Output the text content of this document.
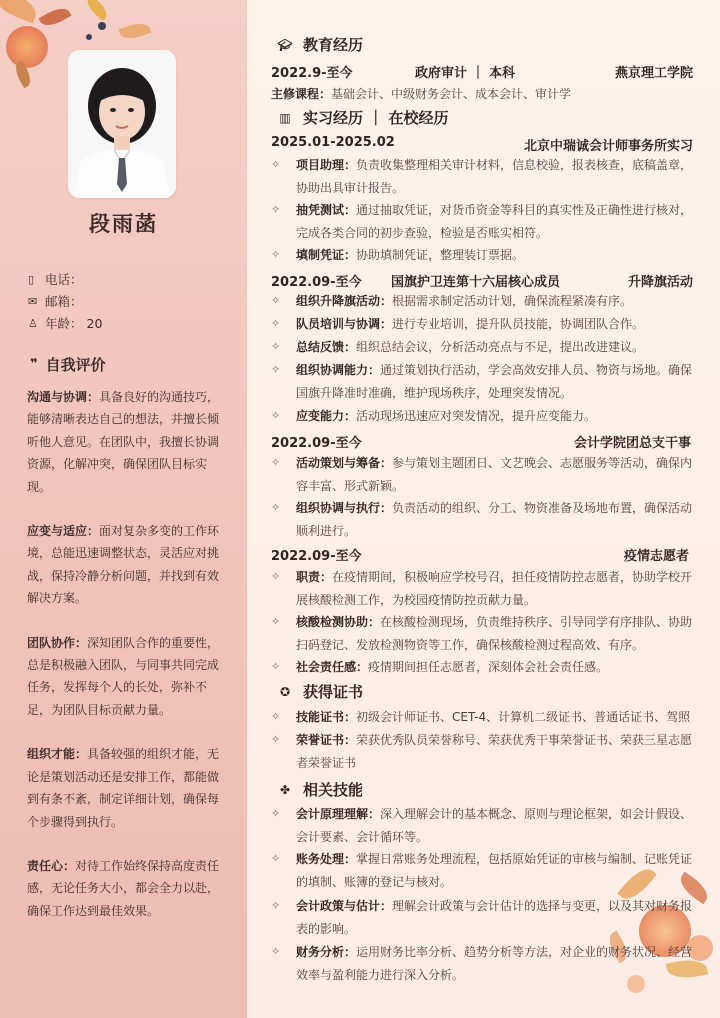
段雨菡
▯ 电话：
✉ 邮箱：
♙ 年龄： 20
❞ 自我评价
沟通与协调：具备良好的沟通技巧，能够清晰表达自己的想法，并擅长倾听他人意见。在团队中，我擅长协调资源，化解冲突，确保团队目标实现。
应变与适应：面对复杂多变的工作环境，总能迅速调整状态，灵活应对挑战，保持冷静分析问题，并找到有效解决方案。
团队协作：深知团队合作的重要性，总是积极融入团队，与同事共同完成任务，发挥每个人的长处，弥补不足，为团队目标贡献力量。
组织才能：具备较强的组织才能，无论是策划活动还是安排工作，都能做到有条不紊，制定详细计划，确保每个步骤得到执行。
责任心：对待工作始终保持高度责任感，无论任务大小，都会全力以赴，确保工作达到最佳效果。
🎓︎ 教育经历
2022.9-至今	政府审计 ｜ 本科	燕京理工学院
主修课程：基础会计、中级财务会计、成本会计、审计学
▥ 实习经历 ｜ 在校经历
2025.01-2025.02	北京中瑞诚会计师事务所实习
✧ 项目助理：负责收集整理相关审计材料，信息校验，报表核查，底稿盖章，协助出具审计报告。
✧ 抽凭测试：通过抽取凭证，对货币资金等科目的真实性及正确性进行核对，完成各类合同的初步查验，检验是否账实相符。
✧ 填制凭证：协助填制凭证，整理装订票据。
2022.09-至今 国旗护卫连第十六届核心成员	升降旗活动
✧ 组织升降旗活动：根据需求制定活动计划，确保流程紧凑有序。
✧ 队员培训与协调：进行专业培训，提升队员技能，协调团队合作。
✧ 总结反馈：组织总结会议，分析活动亮点与不足，提出改进建议。
✧ 组织协调能力：通过策划执行活动，学会高效安排人员、物资与场地。确保国旗升降准时准确，维护现场秩序，处理突发情况。
✧ 应变能力：活动现场迅速应对突发情况，提升应变能力。
2022.09-至今	会计学院团总支干事
✧ 活动策划与筹备：参与策划主题团日、文艺晚会、志愿服务等活动，确保内容丰富、形式新颖。
✧ 组织协调与执行：负责活动的组织、分工、物资准备及场地布置，确保活动顺利进行。
2022.09-至今	疫情志愿者
✧ 职责：在疫情期间，积极响应学校号召，担任疫情防控志愿者，协助学校开展核酸检测工作，为校园疫情防控贡献力量。
✧ 核酸检测协助：在核酸检测现场，负责维持秩序、引导同学有序排队、协助扫码登记、发放检测物资等工作，确保核酸检测过程高效、有序。
✧ 社会责任感：疫情期间担任志愿者，深刻体会社会责任感。
✪ 获得证书
✧ 技能证书：初级会计师证书、CET-4、计算机二级证书、普通话证书、驾照
✧ 荣誉证书：荣获优秀队员荣誉称号、荣获优秀干事荣誉证书、荣获三星志愿者荣誉证书
✤ 相关技能
✧ 会计原理理解：深入理解会计的基本概念、原则与理论框架，如会计假设、会计要素、会计循环等。
✧ 账务处理：掌握日常账务处理流程，包括原始凭证的审核与编制、记账凭证的填制、账簿的登记与核对。
✧ 会计政策与估计：理解会计政策与会计估计的选择与变更，以及其对财务报表的影响。
✧ 财务分析：运用财务比率分析、趋势分析等方法，对企业的财务状况、经营效率与盈利能力进行深入分析。
